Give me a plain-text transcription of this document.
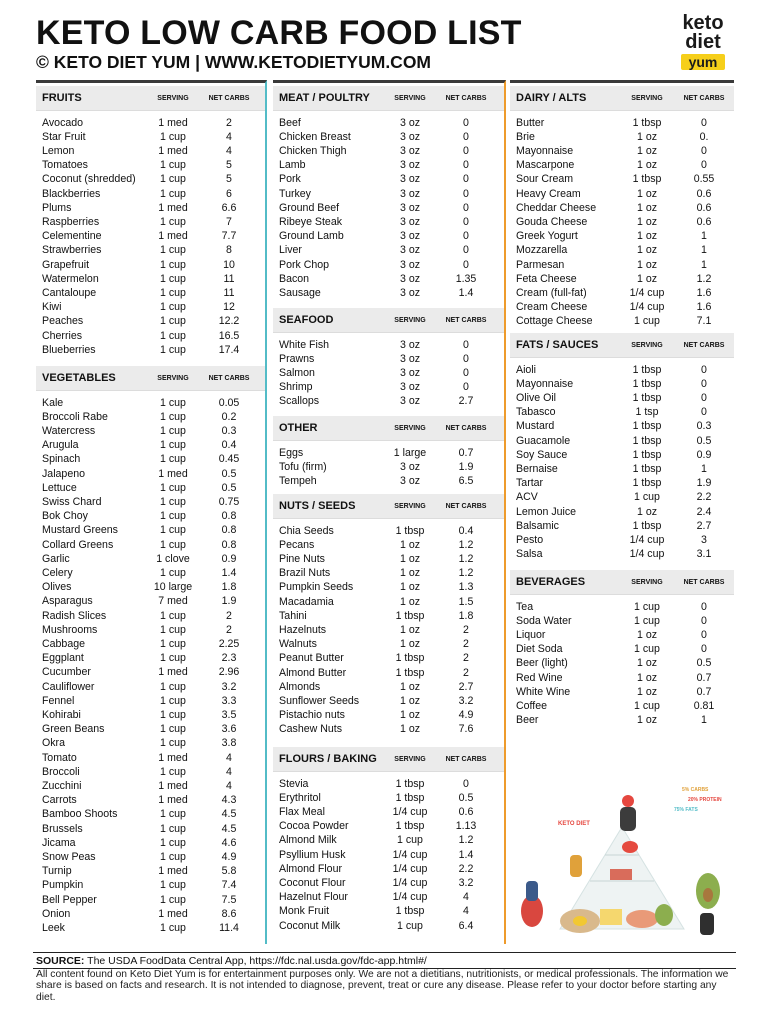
KETO LOW CARB FOOD LIST
© KETO DIET YUM | WWW.KETODIETYUM.COM
keto
diet
yum
FRUITS	SERVING	NET CARBS
Avocado	1 med	2
Star Fruit	1 cup	4
Lemon	1 med	4
Tomatoes	1 cup	5
Coconut (shredded)	1 cup	5
Blackberries	1 cup	6
Plums	1 med	6.6
Raspberries	1 cup	7
Celementine	1 med	7.7
Strawberries	1 cup	8
Grapefruit	1 cup	10
Watermelon	1 cup	11
Cantaloupe	1 cup	11
Kiwi	1 cup	12
Peaches	1 cup	12.2
Cherries	1 cup	16.5
Blueberries	1 cup	17.4
VEGETABLES	SERVING	NET CARBS
Kale	1 cup	0.05
Broccoli Rabe	1 cup	0.2
Watercress	1 cup	0.3
Arugula	1 cup	0.4
Spinach	1 cup	0.45
Jalapeno	1 med	0.5
Lettuce	1 cup	0.5
Swiss Chard	1 cup	0.75
Bok Choy	1 cup	0.8
Mustard Greens	1 cup	0.8
Collard Greens	1 cup	0.8
Garlic	1 clove	0.9
Celery	1 cup	1.4
Olives	10 large	1.8
Asparagus	7 med	1.9
Radish Slices	1 cup	2
Mushrooms	1 cup	2
Cabbage	1 cup	2.25
Eggplant	1 cup	2.3
Cucumber	1 med	2.96
Cauliflower	1 cup	3.2
Fennel	1 cup	3.3
Kohirabi	1 cup	3.5
Green Beans	1 cup	3.6
Okra	1 cup	3.8
Tomato	1 med	4
Broccoli	1 cup	4
Zucchini	1 med	4
Carrots	1 med	4.3
Bamboo Shoots	1 cup	4.5
Brussels	1 cup	4.5
Jicama	1 cup	4.6
Snow Peas	1 cup	4.9
Turnip	1 med	5.8
Pumpkin	1 cup	7.4
Bell Pepper	1 cup	7.5
Onion	1 med	8.6
Leek	1 cup	11.4
MEAT / POULTRY	SERVING	NET CARBS
Beef	3 oz	0
Chicken Breast	3 oz	0
Chicken Thigh	3 oz	0
Lamb	3 oz	0
Pork	3 oz	0
Turkey	3 oz	0
Ground Beef	3 oz	0
Ribeye Steak	3 oz	0
Ground Lamb	3 oz	0
Liver	3 oz	0
Pork Chop	3 oz	0
Bacon	3 oz	1.35
Sausage	3 oz	1.4
SEAFOOD	SERVING	NET CARBS
White Fish	3 oz	0
Prawns	3 oz	0
Salmon	3 oz	0
Shrimp	3 oz	0
Scallops	3 oz	2.7
OTHER	SERVING	NET CARBS
Eggs	1 large	0.7
Tofu (firm)	3 oz	1.9
Tempeh	3 oz	6.5
NUTS / SEEDS	SERVING	NET CARBS
Chia Seeds	1 tbsp	0.4
Pecans	1 oz	1.2
Pine Nuts	1 oz	1.2
Brazil Nuts	1 oz	1.2
Pumpkin Seeds	1 oz	1.3
Macadamia	1 oz	1.5
Tahini	1 tbsp	1.8
Hazelnuts	1 oz	2
Walnuts	1 oz	2
Peanut Butter	1 tbsp	2
Almond Butter	1 tbsp	2
Almonds	1 oz	2.7
Sunflower Seeds	1 oz	3.2
Pistachio nuts	1 oz	4.9
Cashew Nuts	1 oz	7.6
FLOURS / BAKING	SERVING	NET CARBS
Stevia	1 tbsp	0
Erythritol	1 tbsp	0.5
Flax Meal	1/4 cup	0.6
Cocoa Powder	1 tbsp	1.13
Almond Milk	1 cup	1.2
Psyllium Husk	1/4 cup	1.4
Almond Flour	1/4 cup	2.2
Coconut Flour	1/4 cup	3.2
Hazelnut Flour	1/4 cup	4
Monk Fruit	1 tbsp	4
Coconut Milk	1 cup	6.4
DAIRY / ALTS	SERVING	NET CARBS
Butter	1 tbsp	0
Brie	1 oz	0.
Mayonnaise	1 oz	0
Mascarpone	1 oz	0
Sour Cream	1 tbsp	0.55
Heavy Cream	1 oz	0.6
Cheddar Cheese	1 oz	0.6
Gouda Cheese	1 oz	0.6
Greek Yogurt	1 oz	1
Mozzarella	1 oz	1
Parmesan	1 oz	1
Feta Cheese	1 oz	1.2
Cream (full-fat)	1/4 cup	1.6
Cream Cheese	1/4 cup	1.6
Cottage Cheese	1 cup	7.1
FATS / SAUCES	SERVING	NET CARBS
Aioli	1 tbsp	0
Mayonnaise	1 tbsp	0
Olive Oil	1 tbsp	0
Tabasco	1 tsp	0
Mustard	1 tbsp	0.3
Guacamole	1 tbsp	0.5
Soy Sauce	1 tbsp	0.9
Bernaise	1 tbsp	1
Tartar	1 tbsp	1.9
ACV	1 cup	2.2
Lemon Juice	1 oz	2.4
Balsamic	1 tbsp	2.7
Pesto	1/4 cup	3
Salsa	1/4 cup	3.1
BEVERAGES	SERVING	NET CARBS
Tea	1 cup	0
Soda Water	1 cup	0
Liquor	1 oz	0
Diet Soda	1 cup	0
Beer (light)	1 oz	0.5
Red Wine	1 oz	0.7
White Wine	1 oz	0.7
Coffee	1 cup	0.81
Beer	1 oz	1
KETO DIET
5% CARBS
20% PROTEIN
75% FATS
SOURCE: The USDA FoodData Central App, https://fdc.nal.usda.gov/fdc-app.html#/
All content found on Keto Diet Yum is for entertainment purposes only. We are not a dietitians, nutritionists, or medical professionals. The information we share is based on facts and research. It is not intended to diagnose, prevent, treat or cure any disease. Please refer to your doctor before starting any diet.
